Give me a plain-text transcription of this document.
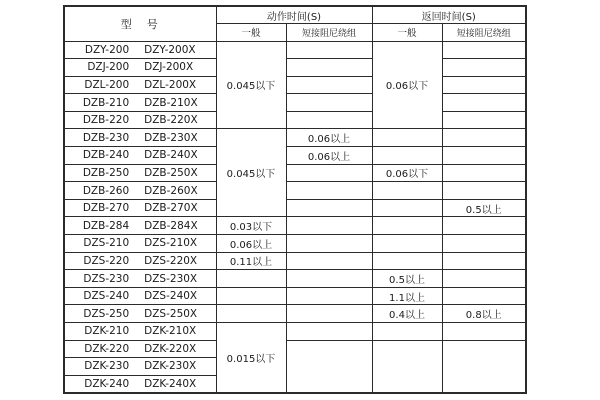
型　号	动作时间(S)		返回时间(S)	
	一般	短接阻尼绕组	一般	短接阻尼绕组

DZY-200 DZY-200X	0.045以下		0.06以下	

DZJ-200 DZJ-200X				

DZL-200 DZL-200X				

DZB-210 DZB-210X				

DZB-220 DZB-220X				

DZB-230 DZB-230X	0.045以下	0.06以上		

DZB-240 DZB-240X		0.06以上		

DZB-250 DZB-250X			0.06以下	

DZB-260 DZB-260X				

DZB-270 DZB-270X				0.5以上

DZB-284 DZB-284X	0.03以下			

DZS-210 DZS-210X	0.06以上			

DZS-220 DZS-220X	0.11以上			

DZS-230 DZS-230X			0.5以上	

DZS-240 DZS-240X			1.1以上	

DZS-250 DZS-250X			0.4以上	0.8以上

DZK-210 DZK-210X	0.015以下			

DZK-220 DZK-220X				

DZK-230 DZK-230X				

DZK-240 DZK-240X				
